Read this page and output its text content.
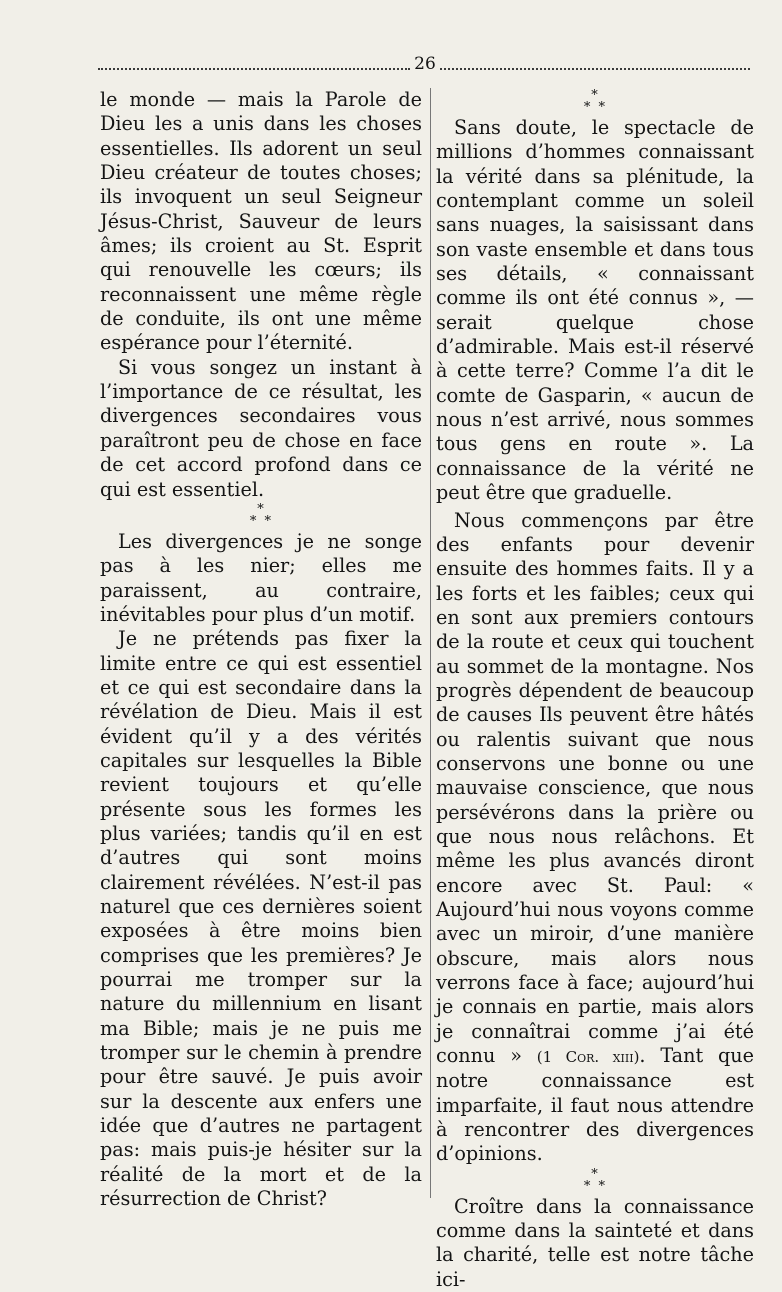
26

le monde — mais la Parole de Dieu les a unis dans les choses essentielles. Ils adorent un seul Dieu créateur de toutes choses; ils invoquent un seul Seigneur Jésus-Christ, Sauveur de leurs âmes; ils croient au St. Esprit qui renouvelle les cœurs; ils reconnaissent une même règle de conduite, ils ont une même espérance pour l’éternité.

Si vous songez un instant à l’importance de ce résultat, les divergences secondaires vous paraîtront peu de chose en face de cet accord profond dans ce qui est essentiel.

*
* *

Les divergences je ne songe pas à les nier; elles me paraissent, au contraire, inévitables pour plus d’un motif.

Je ne prétends pas fixer la limite entre ce qui est essentiel et ce qui est secondaire dans la révélation de Dieu. Mais il est évident qu’il y a des vérités capitales sur lesquelles la Bible revient toujours et qu’elle présente sous les formes les plus variées; tandis qu’il en est d’autres qui sont moins clairement révélées. N’est-il pas naturel que ces dernières soient exposées à être moins bien comprises que les premières? Je pourrai me tromper sur la nature du millennium en lisant ma Bible; mais je ne puis me tromper sur le chemin à prendre pour être sauvé. Je puis avoir sur la descente aux enfers une idée que d’autres ne partagent pas: mais puis-je hésiter sur la réalité de la mort et de la résurrection de Christ?

*
* *

Sans doute, le spectacle de millions d’hommes connaissant la vérité dans sa plénitude, la contemplant comme un soleil sans nuages, la saisissant dans son vaste ensemble et dans tous ses détails, « connaissant comme ils ont été connus », — serait quelque chose d’admirable. Mais est-il réservé à cette terre? Comme l’a dit le comte de Gasparin, « aucun de nous n’est arrivé, nous sommes tous gens en route ». La connaissance de la vérité ne peut être que graduelle.

Nous commençons par être des enfants pour devenir ensuite des hommes faits. Il y a les forts et les faibles; ceux qui en sont aux premiers contours de la route et ceux qui touchent au sommet de la montagne. Nos progrès dépendent de beaucoup de causes Ils peuvent être hâtés ou ralentis suivant que nous conservons une bonne ou une mauvaise conscience, que nous persévérons dans la prière ou que nous nous relâchons. Et même les plus avancés diront encore avec St. Paul: « Aujourd’hui nous voyons comme avec un miroir, d’une manière obscure, mais alors nous verrons face à face; aujourd’hui je connais en partie, mais alors je connaîtrai comme j’ai été connu » (1 Cor. xiii). Tant que notre connaissance est imparfaite, il faut nous attendre à rencontrer des divergences d’opinions.

*
* *

Croître dans la connaissance comme dans la sainteté et dans la charité, telle est notre tâche ici-
